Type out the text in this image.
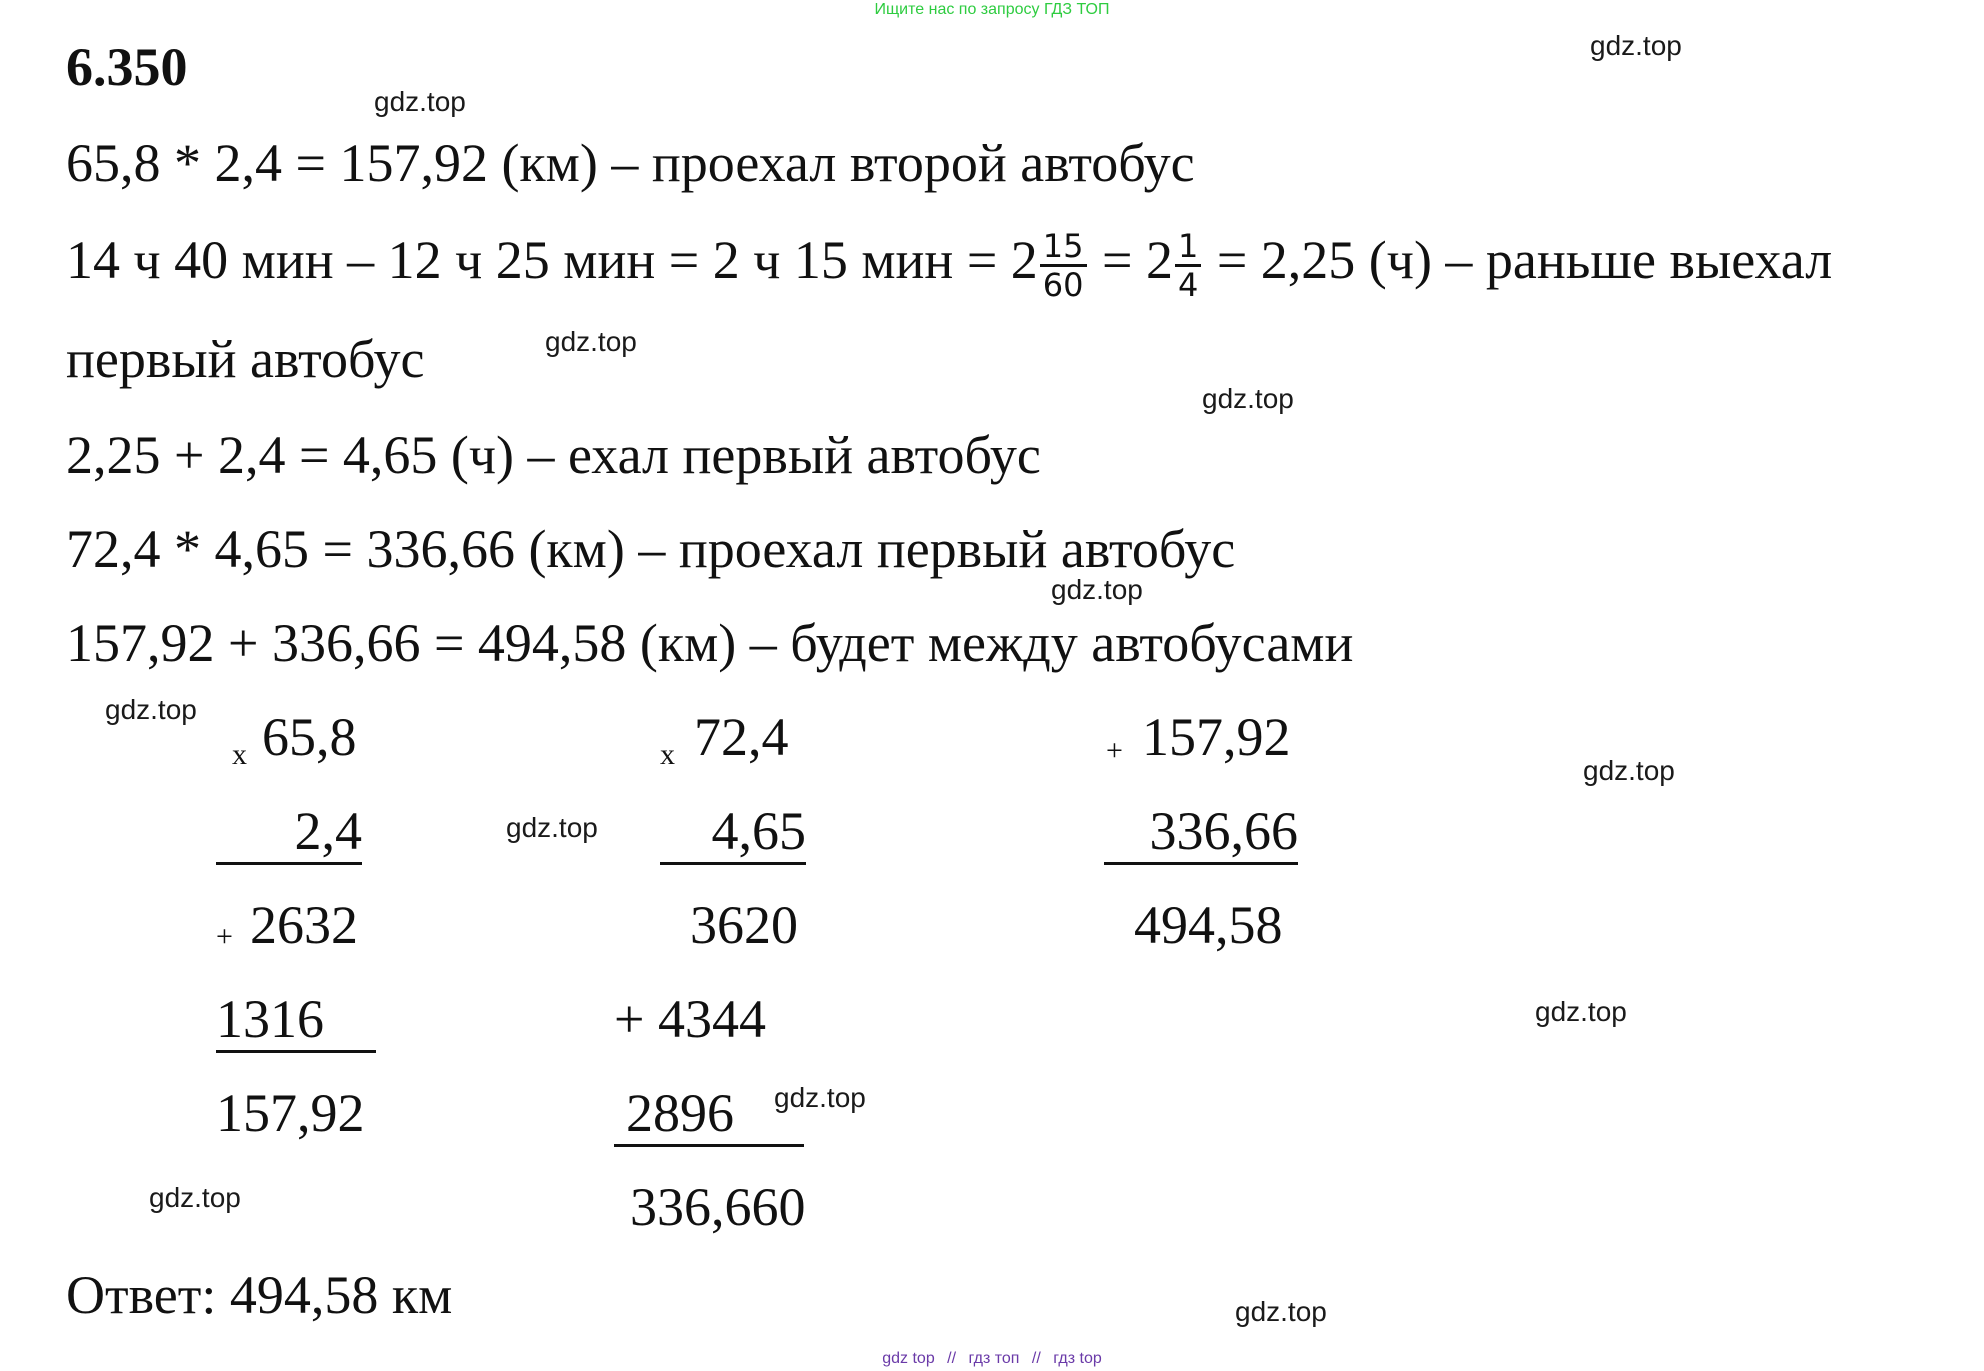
Ищите нас по запросу ГДЗ ТОП
6.350
65,8 * 2,4 = 157,92 (км) – проехал второй автобус
14 ч 40 мин – 12 ч 25 мин = 2 ч 15 мин = $2 \frac{15}{60} = 2 \frac{1}{4} = 2,25$ (ч) – раньше выехал
первый автобус
2,25 + 2,4 = 4,65 (ч) – ехал первый автобус
72,4 * 4,65 = 336,66 (км) – проехал первый автобус
157,92 + 336,66 = 494,58 (км) – будет между автобусами
x 65,8
2,4
+ 2632
1316
157,92
x 72,4
4,65
3620
+ 4344
2896
336,660
+ 157,92
336,66
494,58
Ответ: 494,58 км
gdz.top
gdz.top
gdz.top
gdz.top
gdz.top
gdz.top
gdz.top
gdz.top
gdz.top
gdz.top
gdz.top
gdz.top
gdz top // гдз топ // гдз top
